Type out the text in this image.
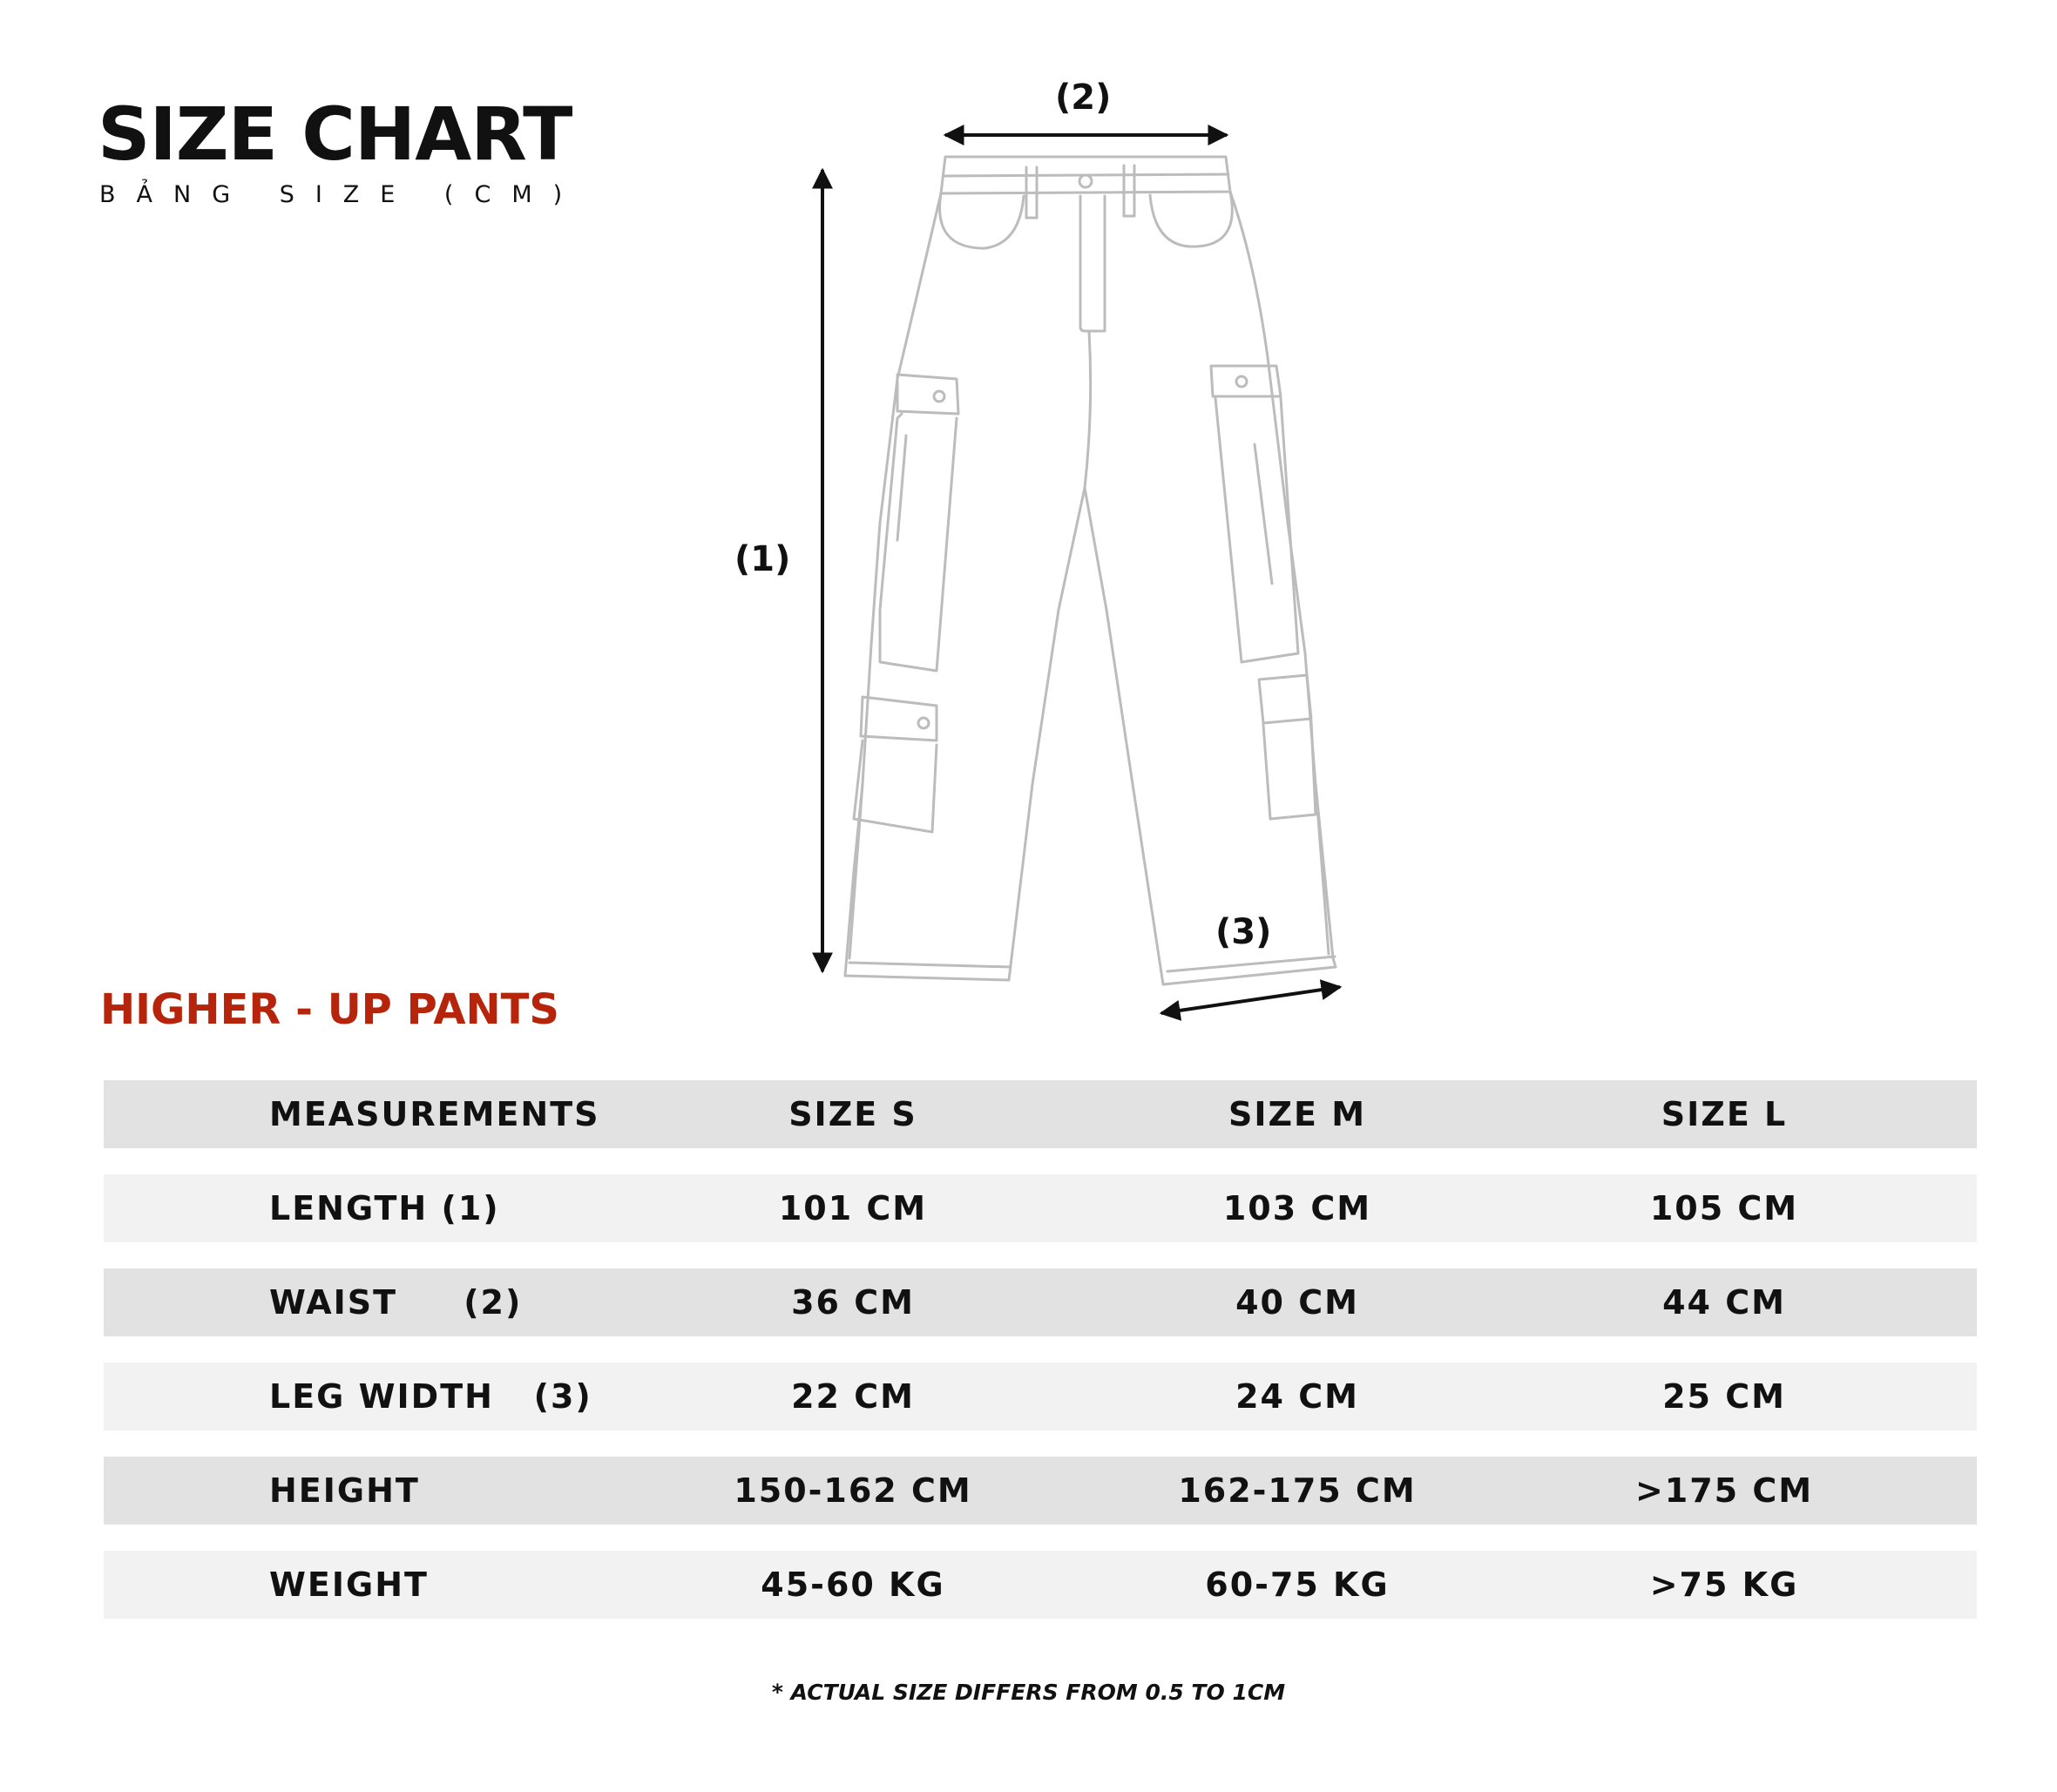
SIZE CHART
BẢNG SIZE (CM)
(1)
(2)
(3)
HIGHER - UP PANTS
MEASUREMENTS	SIZE S	SIZE M	SIZE L
LENGTH (1)	101 CM	103 CM	105 CM
WAIST     (2)	36 CM	40 CM	44 CM
LEG WIDTH   (3)	22 CM	24 CM	25 CM
HEIGHT	150-162 CM	162-175 CM	>175 CM
WEIGHT	45-60 KG	60-75 KG	>75 KG
* ACTUAL SIZE DIFFERS FROM 0.5 TO 1CM
